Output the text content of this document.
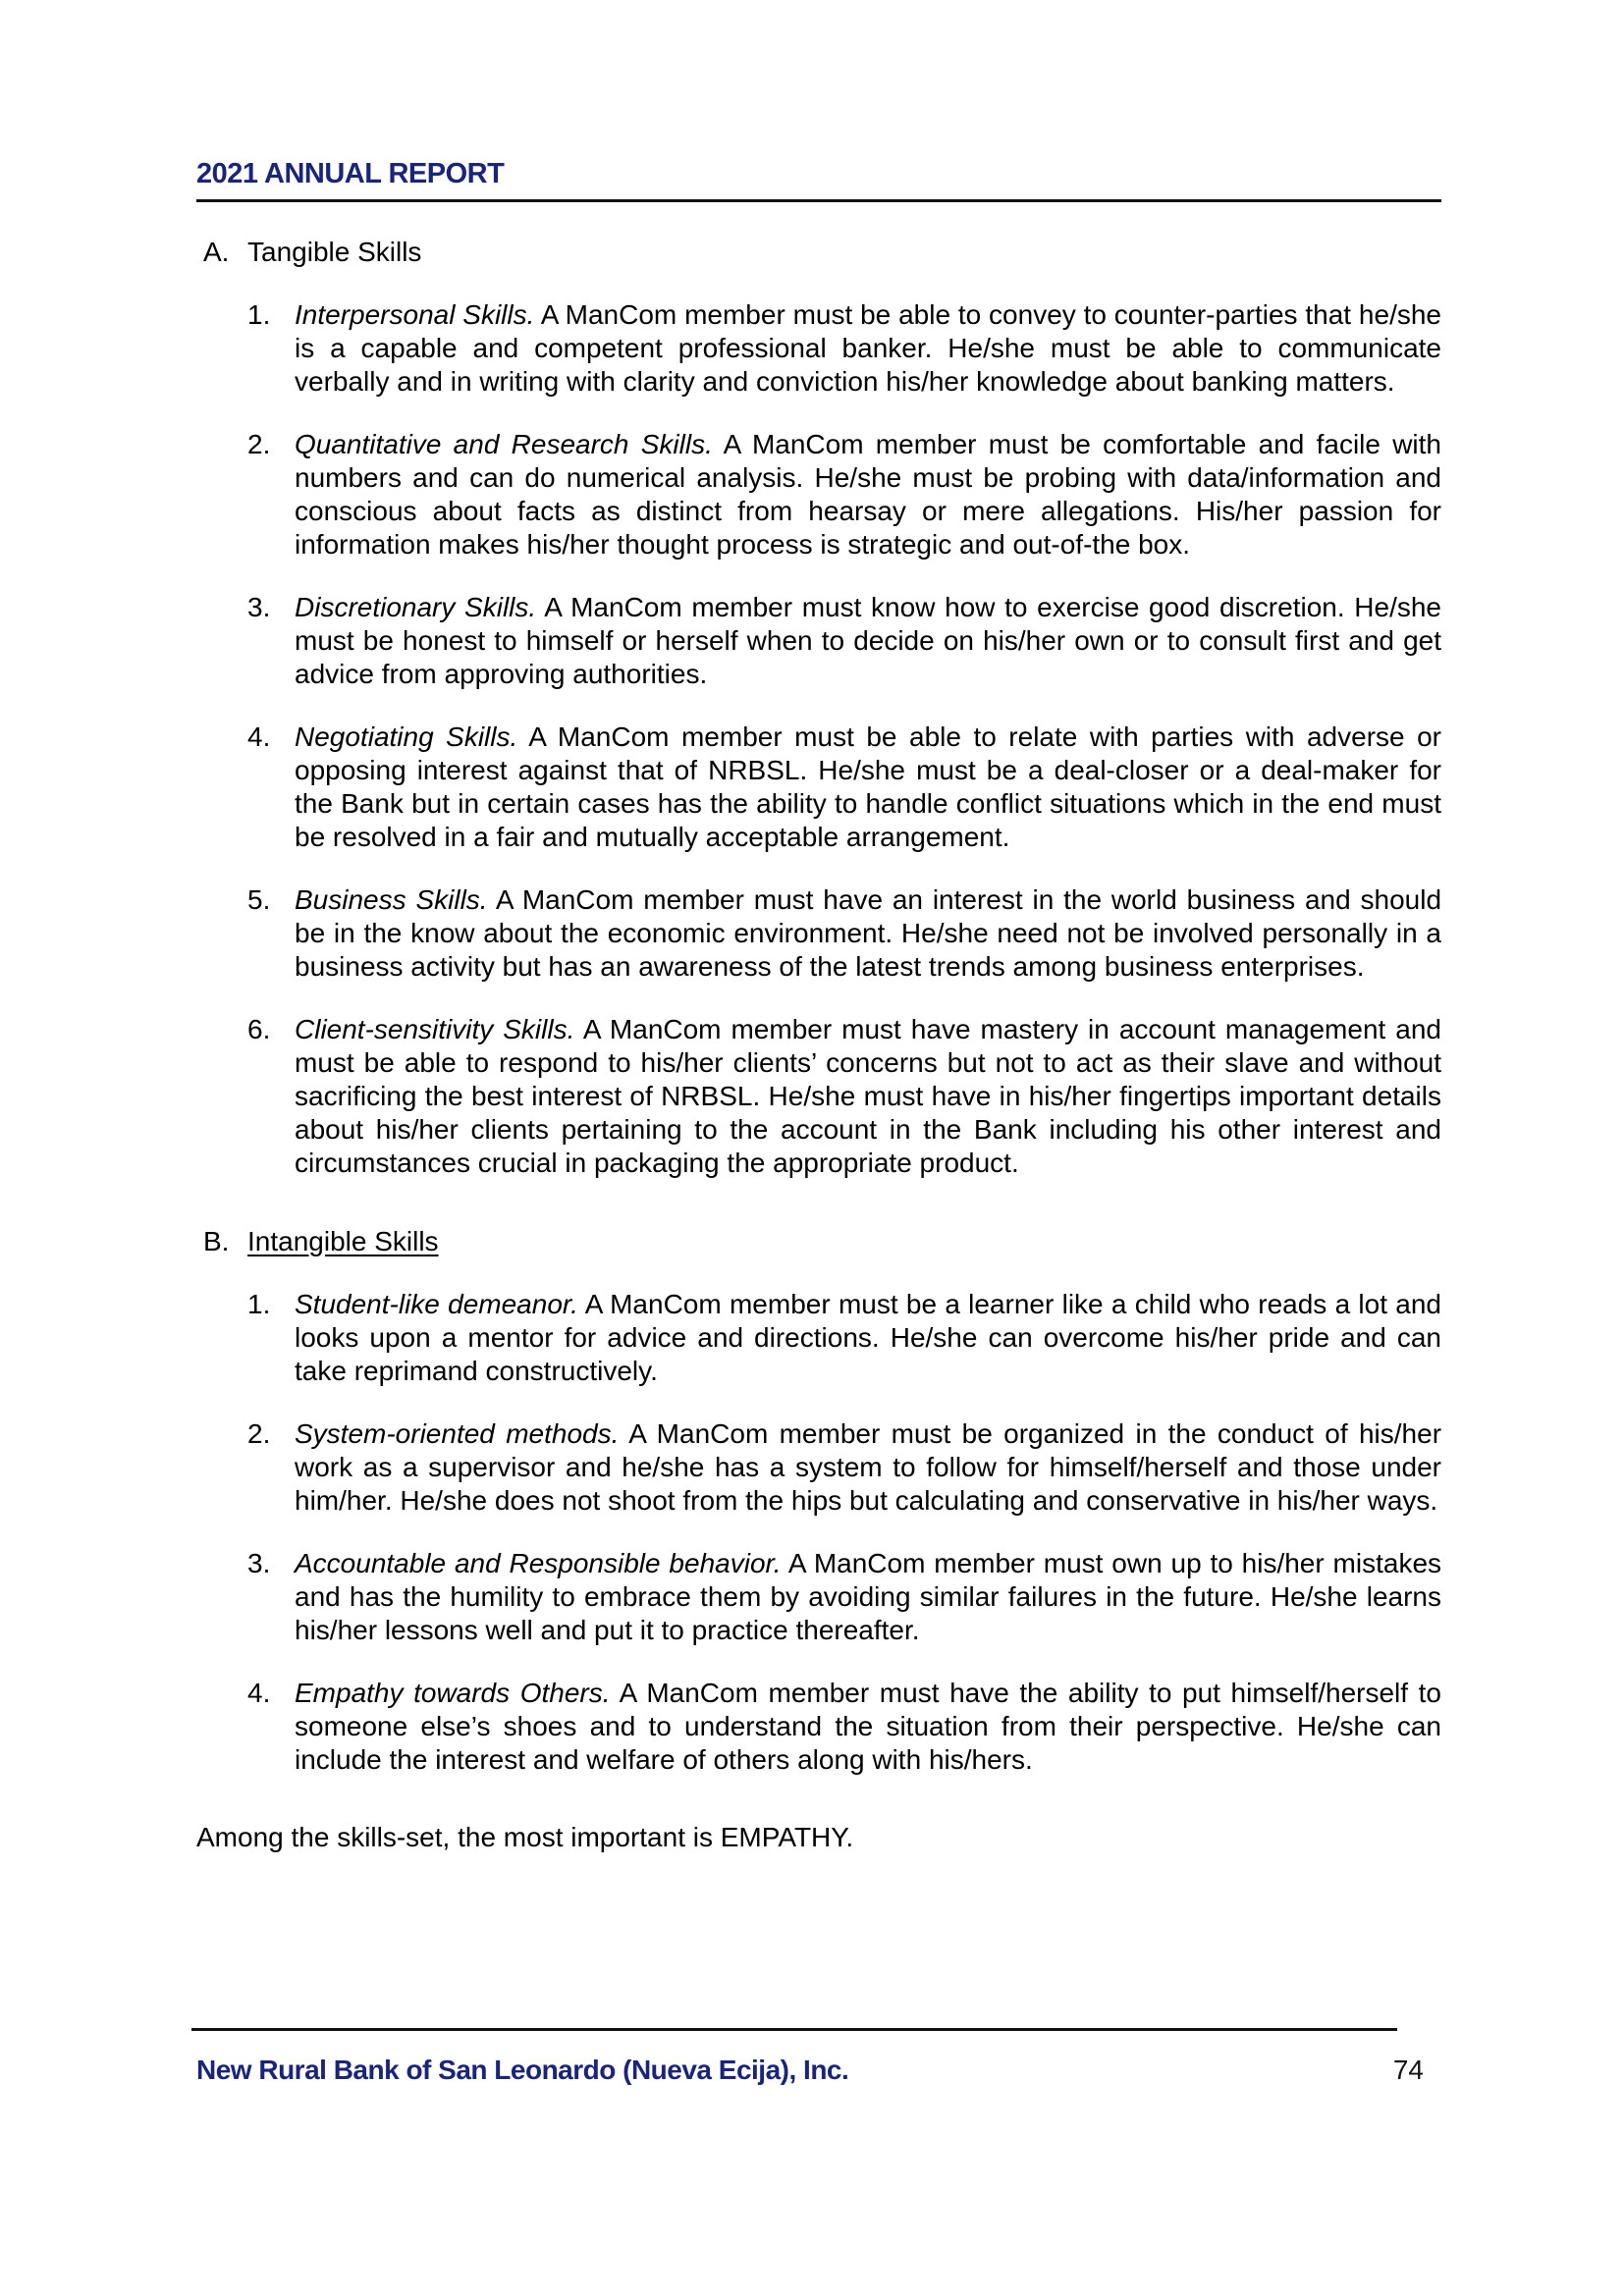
2021 ANNUAL REPORT
A. Tangible Skills
1. Interpersonal Skills. A ManCom member must be able to convey to counter-parties that he/she is a capable and competent professional banker. He/she must be able to communicate verbally and in writing with clarity and conviction his/her knowledge about banking matters.
2. Quantitative and Research Skills. A ManCom member must be comfortable and facile with numbers and can do numerical analysis. He/she must be probing with data/information and conscious about facts as distinct from hearsay or mere allegations. His/her passion for information makes his/her thought process is strategic and out-of-the box.
3. Discretionary Skills. A ManCom member must know how to exercise good discretion. He/she must be honest to himself or herself when to decide on his/her own or to consult first and get advice from approving authorities.
4. Negotiating Skills. A ManCom member must be able to relate with parties with adverse or opposing interest against that of NRBSL. He/she must be a deal-closer or a deal-maker for the Bank but in certain cases has the ability to handle conflict situations which in the end must be resolved in a fair and mutually acceptable arrangement.
5. Business Skills. A ManCom member must have an interest in the world business and should be in the know about the economic environment. He/she need not be involved personally in a business activity but has an awareness of the latest trends among business enterprises.
6. Client-sensitivity Skills. A ManCom member must have mastery in account management and must be able to respond to his/her clients’ concerns but not to act as their slave and without sacrificing the best interest of NRBSL. He/she must have in his/her fingertips important details about his/her clients pertaining to the account in the Bank including his other interest and circumstances crucial in packaging the appropriate product.
B. Intangible Skills
1. Student-like demeanor. A ManCom member must be a learner like a child who reads a lot and looks upon a mentor for advice and directions. He/she can overcome his/her pride and can take reprimand constructively.
2. System-oriented methods. A ManCom member must be organized in the conduct of his/her work as a supervisor and he/she has a system to follow for himself/herself and those under him/her. He/she does not shoot from the hips but calculating and conservative in his/her ways.
3. Accountable and Responsible behavior. A ManCom member must own up to his/her mistakes and has the humility to embrace them by avoiding similar failures in the future. He/she learns his/her lessons well and put it to practice thereafter.
4. Empathy towards Others. A ManCom member must have the ability to put himself/herself to someone else’s shoes and to understand the situation from their perspective. He/she can include the interest and welfare of others along with his/hers.

Among the skills-set, the most important is EMPATHY.

New Rural Bank of San Leonardo (Nueva Ecija), Inc.	74
